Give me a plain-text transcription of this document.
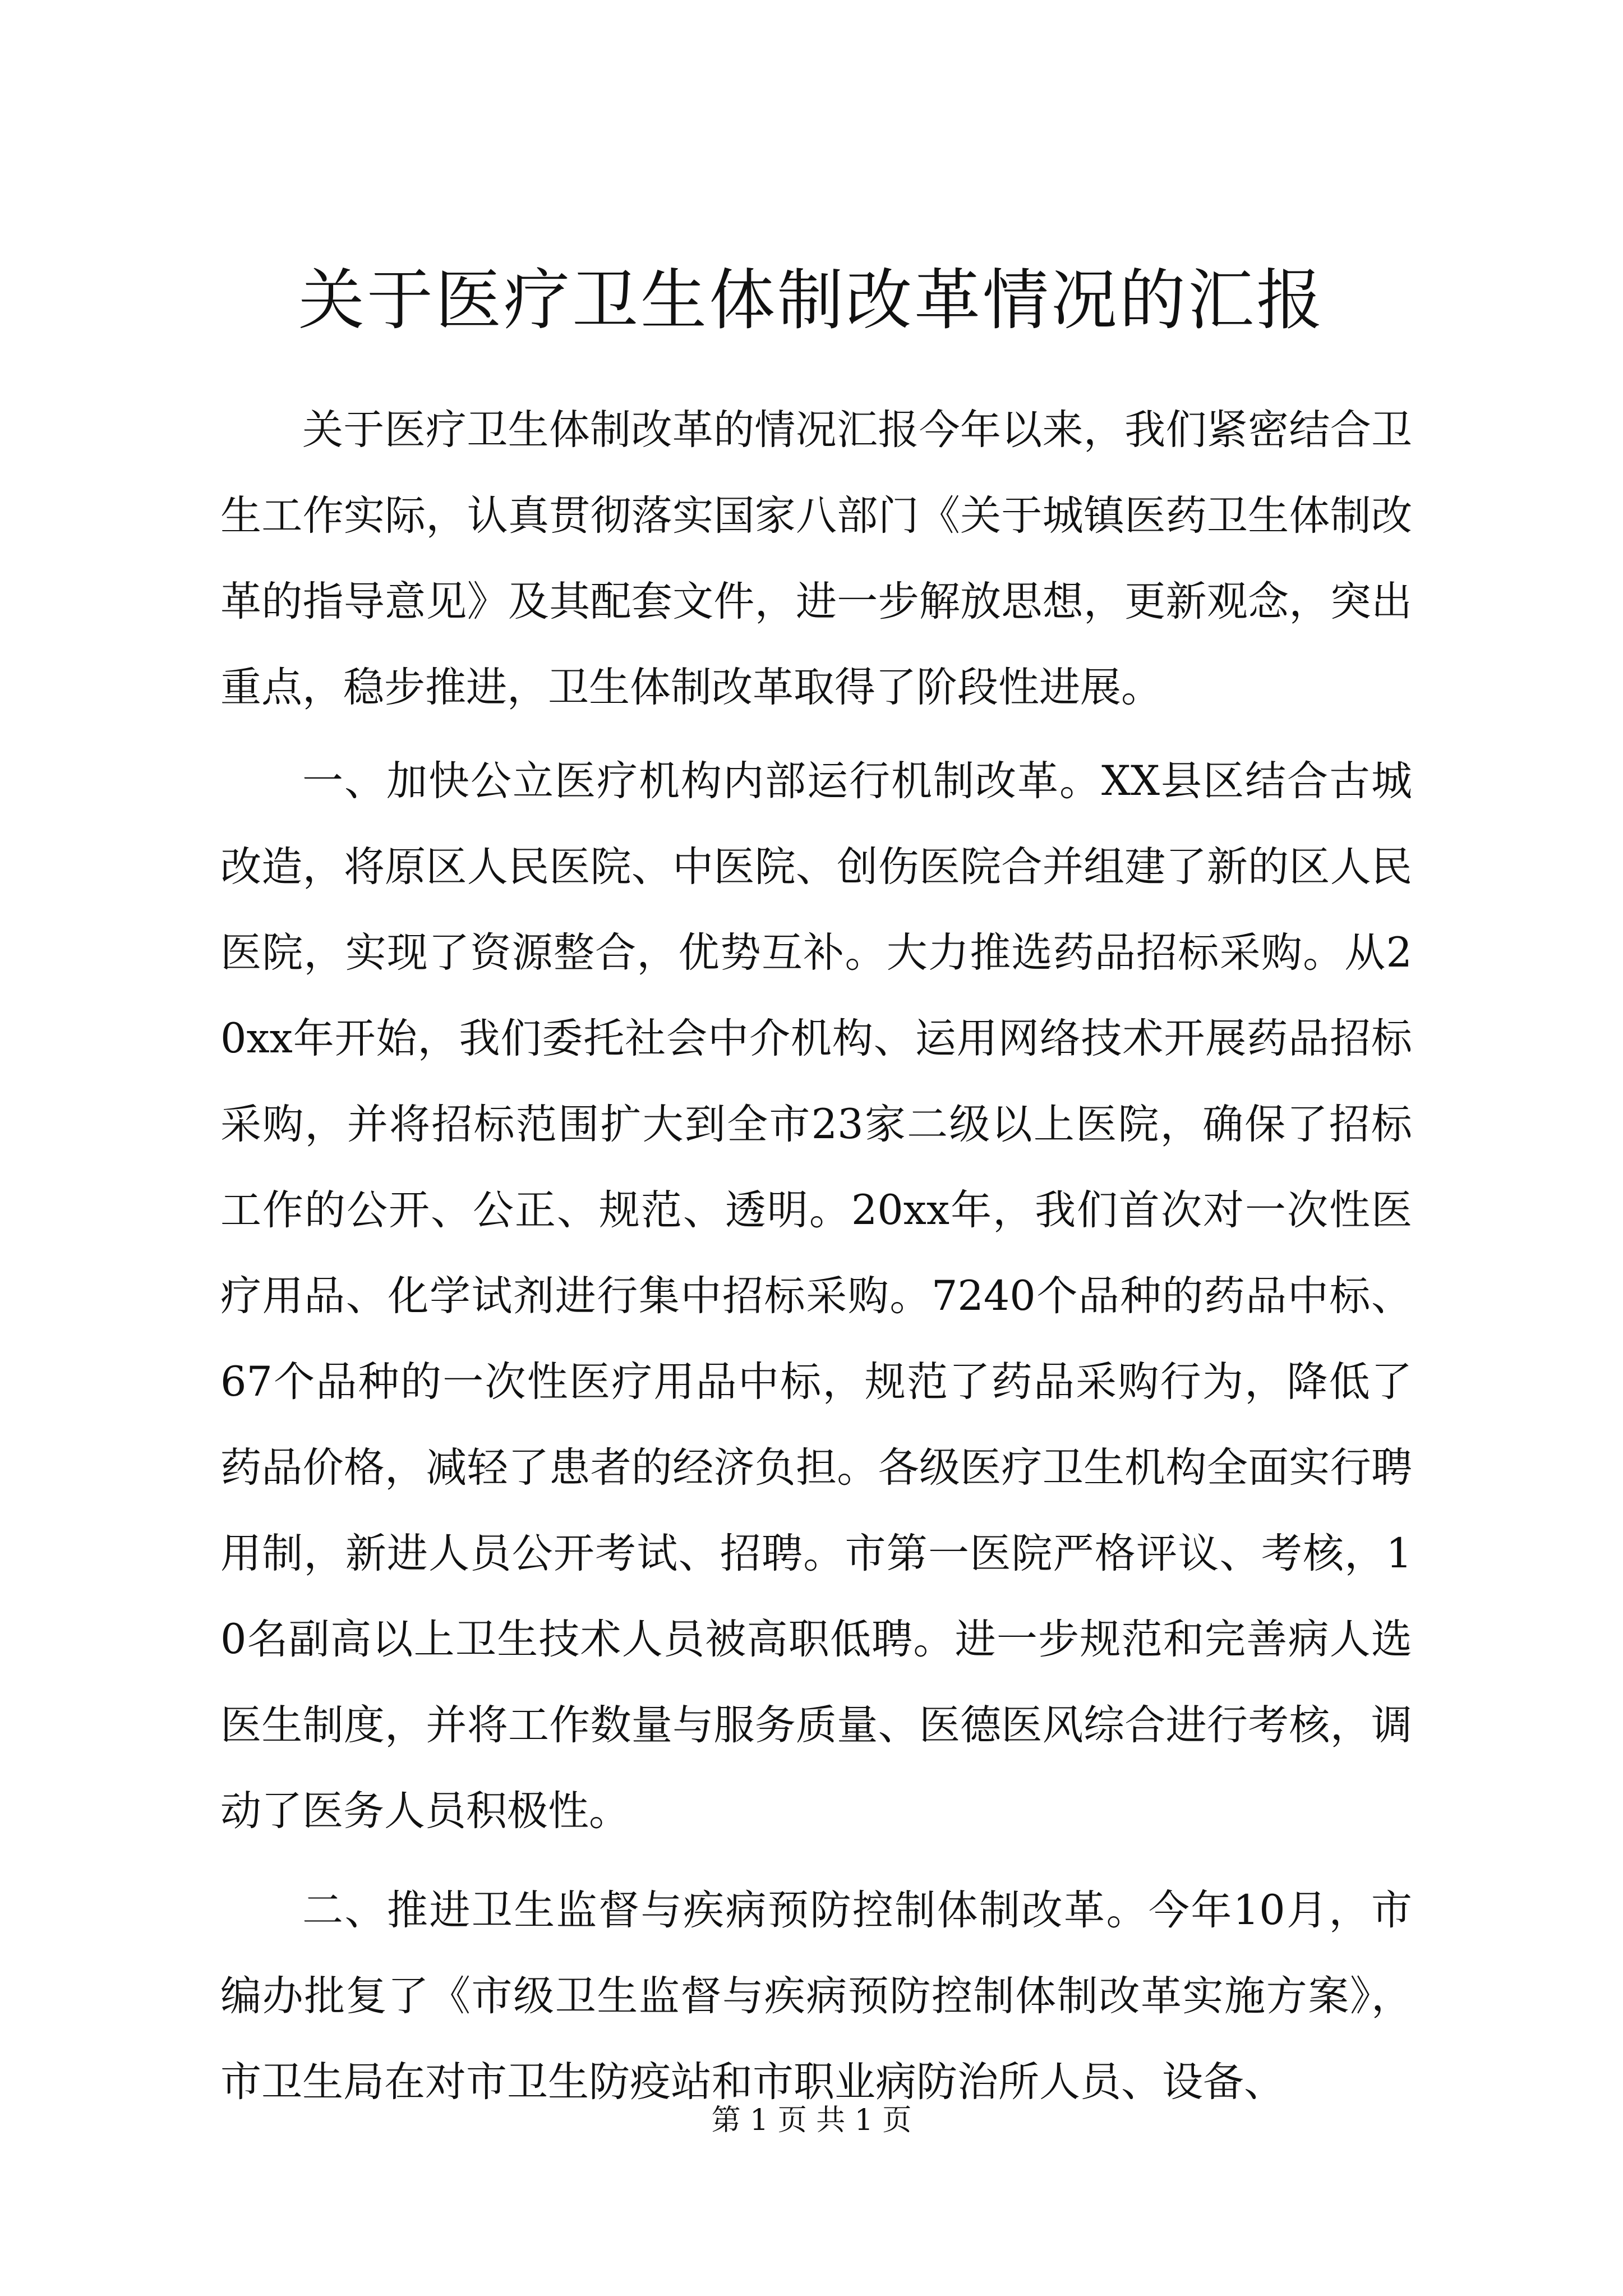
关于医疗卫生体制改革情况的汇报

关于医疗卫生体制改革的情况汇报今年以来，我们紧密结合卫生工作实际，认真贯彻落实国家八部门《关于城镇医药卫生体制改革的指导意见》及其配套文件，进一步解放思想，更新观念，突出重点，稳步推进，卫生体制改革取得了阶段性进展。

一、加快公立医疗机构内部运行机制改革。XX县区结合古城改造，将原区人民医院、中医院、创伤医院合并组建了新的区人民医院，实现了资源整合，优势互补。大力推选药品招标采购。从20xx年开始，我们委托社会中介机构、运用网络技术开展药品招标采购，并将招标范围扩大到全市23家二级以上医院，确保了招标工作的公开、公正、规范、透明。20xx年，我们首次对一次性医疗用品、化学试剂进行集中招标采购。7240个品种的药品中标、67个品种的一次性医疗用品中标，规范了药品采购行为，降低了药品价格，减轻了患者的经济负担。各级医疗卫生机构全面实行聘用制，新进人员公开考试、招聘。市第一医院严格评议、考核，10名副高以上卫生技术人员被高职低聘。进一步规范和完善病人选医生制度，并将工作数量与服务质量、医德医风综合进行考核，调动了医务人员积极性。

二、推进卫生监督与疾病预防控制体制改革。今年10月，市编办批复了《市级卫生监督与疾病预防控制体制改革实施方案》，市卫生局在对市卫生防疫站和市职业病防治所人员、设备、

第 1 页 共 1 页
